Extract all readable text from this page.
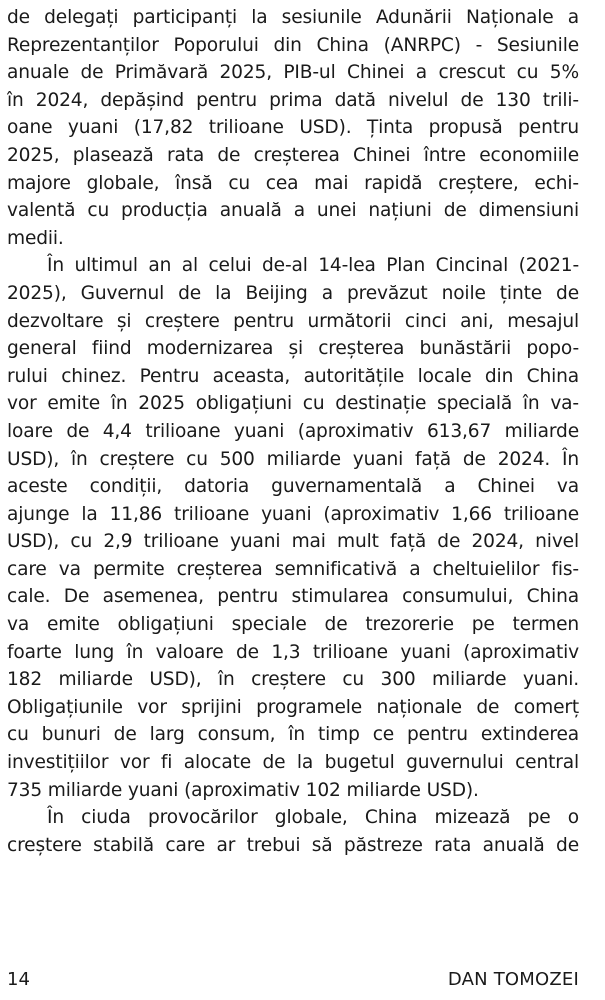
de delegați participanți la sesiunile Adunării Naționale a
Reprezentanților Poporului din China (ANRPC) - Sesiunile
anuale de Primăvară 2025, PIB-ul Chinei a crescut cu 5%
în 2024, depășind pentru prima dată nivelul de 130 trili-
oane yuani (17,82 trilioane USD). Ținta propusă pentru
2025, plasează rata de creșterea Chinei între economiile
majore globale, însă cu cea mai rapidă creștere, echi-
valentă cu producția anuală a unei națiuni de dimensiuni
medii.
În ultimul an al celui de-al 14-lea Plan Cincinal (2021-
2025), Guvernul de la Beijing a prevăzut noile ținte de
dezvoltare și creștere pentru următorii cinci ani, mesajul
general fiind modernizarea și creșterea bunăstării popo-
rului chinez. Pentru aceasta, autoritățile locale din China
vor emite în 2025 obligațiuni cu destinație specială în va-
loare de 4,4 trilioane yuani (aproximativ 613,67 miliarde
USD), în creștere cu 500 miliarde yuani față de 2024. În
aceste condiții, datoria guvernamentală a Chinei va
ajunge la 11,86 trilioane yuani (aproximativ 1,66 trilioane
USD), cu 2,9 trilioane yuani mai mult față de 2024, nivel
care va permite creșterea semnificativă a cheltuielilor fis-
cale. De asemenea, pentru stimularea consumului, China
va emite obligațiuni speciale de trezorerie pe termen
foarte lung în valoare de 1,3 trilioane yuani (aproximativ
182 miliarde USD), în creștere cu 300 miliarde yuani.
Obligațiunile vor sprijini programele naționale de comerț
cu bunuri de larg consum, în timp ce pentru extinderea
investițiilor vor fi alocate de la bugetul guvernului central
735 miliarde yuani (aproximativ 102 miliarde USD).
În ciuda provocărilor globale, China mizează pe o
creștere stabilă care ar trebui să păstreze rata anuală de
14	DAN TOMOZEI
